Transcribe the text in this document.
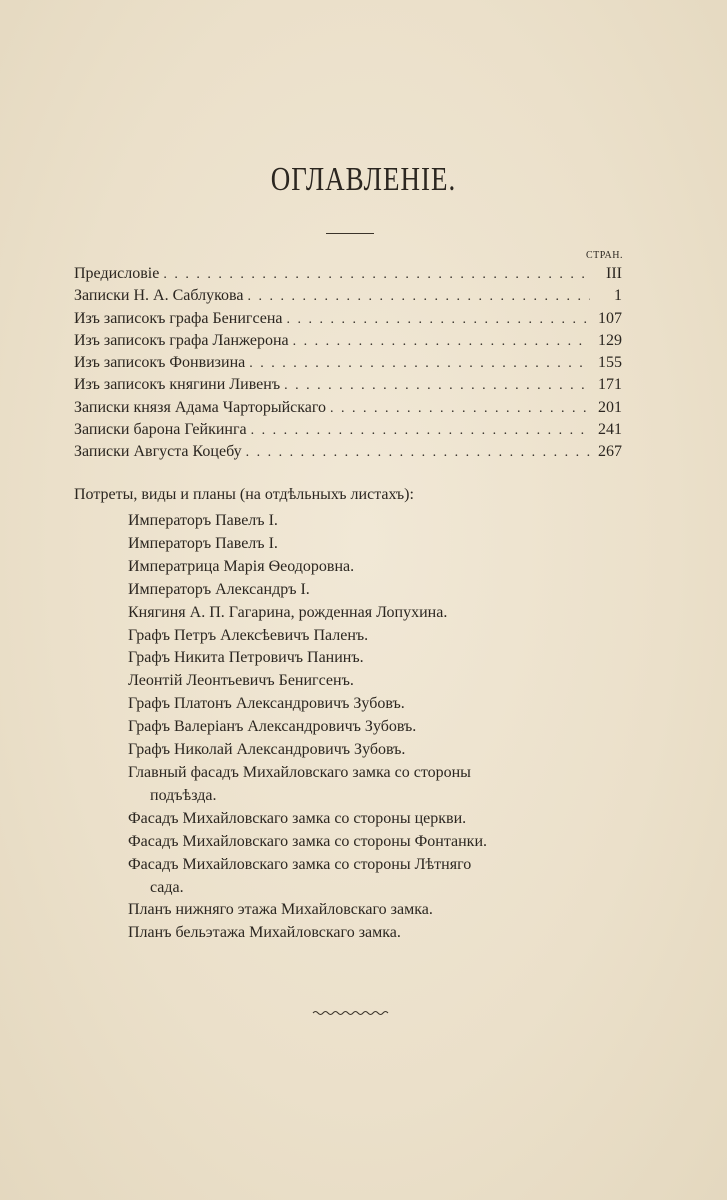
ОГЛАВЛЕНІЕ.
СТРАН.
Предисловіе . . .	III
Записки Н. А. Саблукова . . .	1
Изъ записокъ графа Бенигсена . . .	107
Изъ записокъ графа Ланжерона . . .	129
Изъ записокъ Фонвизина . . .	155
Изъ записокъ княгини Ливенъ . . .	171
Записки князя Адама Чарторыйскаго . . .	201
Записки барона Гейкинга . . .	241
Записки Августа Коцебу . . .	267
Потреты, виды и планы (на отдѣльныхъ листахъ):
Императоръ Павелъ I.
Императоръ Павелъ I.
Императрица Марія Ѳеодоровна.
Императоръ Александръ I.
Княгиня А. П. Гагарина, рожденная Лопухина.
Графъ Петръ Алексѣевичъ Паленъ.
Графъ Никита Петровичъ Панинъ.
Леонтій Леонтьевичъ Бенигсенъ.
Графъ Платонъ Александровичъ Зубовъ.
Графъ Валеріанъ Александровичъ Зубовъ.
Графъ Николай Александровичъ Зубовъ.
Главный фасадъ Михайловскаго замка со стороны
подъѣзда.
Фасадъ Михайловскаго замка со стороны церкви.
Фасадъ Михайловскаго замка со стороны Фонтанки.
Фасадъ Михайловскаго замка со стороны Лѣтняго
сада.
Планъ нижняго этажа Михайловскаго замка.
Планъ бельэтажа Михайловскаго замка.
